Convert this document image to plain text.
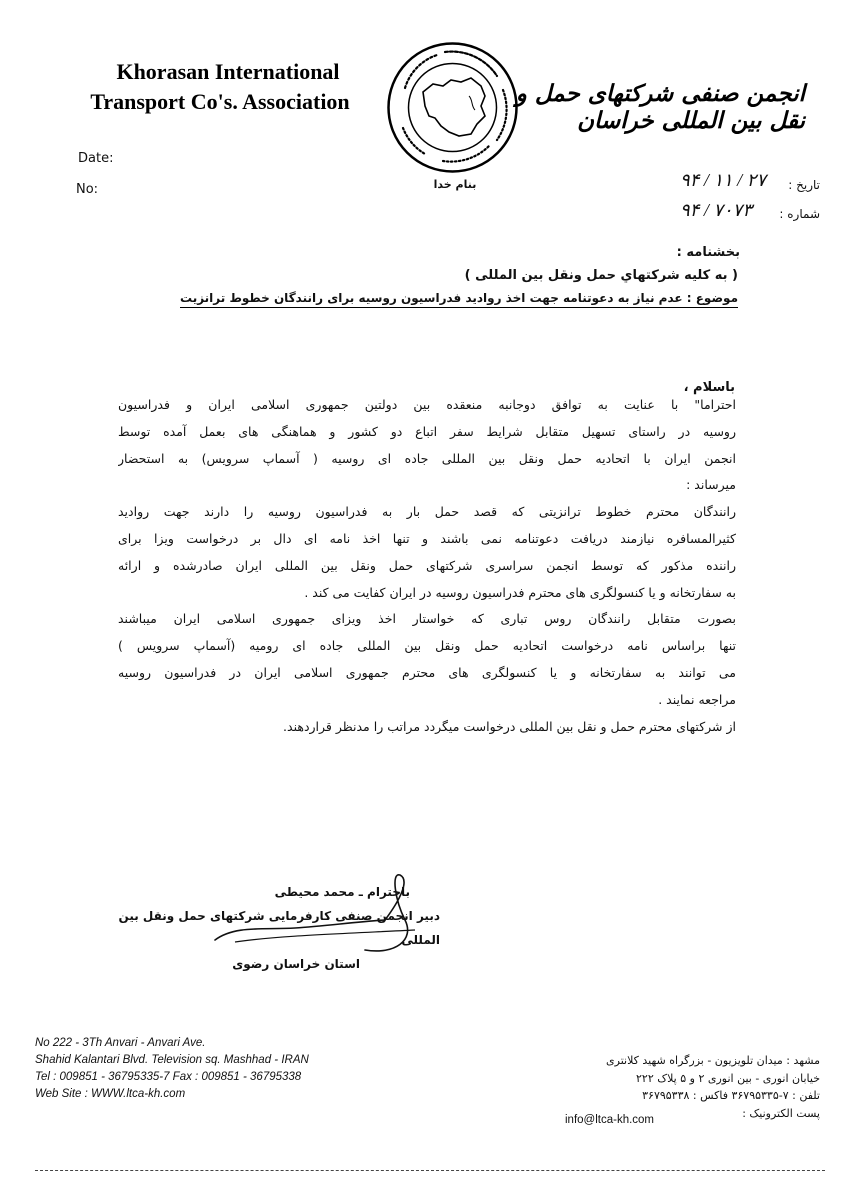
Khorasan International
Transport Co's. Association
بنام خدا
انجمن صنفی شرکتهای حمل و نقل بین المللی خراسان
Date:
No:	تاریخ :
۹۴ / ۱۱ / ۲۷
شماره :
۹۴ / ۷۰۷۳
بخشنامه :
( به کلیه شرکتهاي حمل ونقل بين المللی )
موضوع : عدم نیاز به دعوتنامه جهت اخذ روادید فدراسیون روسیه برای رانندگان خطوط ترانزیت
باسلام ،

احتراما" با عنایت به توافق دوجانبه منعقده بین دولتین جمهوری اسلامی ایران و فدراسیون

روسیه در راستای تسهیل متقابل شرایط سفر اتباع دو کشور و هماهنگی های بعمل آمده توسط

انجمن ایران با اتحادیه حمل ونقل بین المللی جاده ای روسیه ( آسماپ سرویس) به استحضار

میرساند :

رانندگان محترم خطوط ترانزیتی که قصد حمل بار به فدراسیون روسیه را دارند جهت روادید

کثیرالمسافره نیازمند دریافت دعوتنامه نمی باشند و تنها اخذ نامه ای دال بر درخواست ویزا برای

راننده مذکور که توسط انجمن سراسری شرکتهای حمل ونقل بین المللی ایران صادرشده و ارائه

به سفارتخانه و یا کنسولگری های محترم فدراسیون روسیه در ایران کفایت می کند .

بصورت متقابل رانندگان روس تباری که خواستار اخذ ویزای جمهوری اسلامی ایران میباشند

تنها براساس نامه درخواست اتحادیه حمل ونقل بین المللی جاده ای رومیه (آسماپ سرویس )

می توانند به سفارتخانه و یا کنسولگری های محترم جمهوری اسلامی ایران در فدراسیون روسیه

مراجعه نمایند .

از شرکتهای محترم حمل و نقل بین المللی درخواست میگردد مراتب را مدنظر قراردهند.

باحترام ـ محمد محیطی
دبیر انجمن صنفی کارفرمایی شرکتهای حمل ونقل بین المللی
استان خراسان رضوی
No 222 - 3Th Anvari - Anvari Ave.
Shahid Kalantari Blvd. Television sq. Mashhad - IRAN
Tel : 009851 - 36795335-7 Fax : 009851 - 36795338
Web Site : WWW.ltca-kh.com
مشهد : میدان تلویزیون - بزرگراه شهید کلانتری
خیابان انوری - بین انوری ۲ و ۵ پلاک ۲۲۲
تلفن : ۷-۳۶۷۹۵۳۳۵ فاکس : ۳۶۷۹۵۳۳۸
پست الکترونیک :
info@ltca-kh.com
